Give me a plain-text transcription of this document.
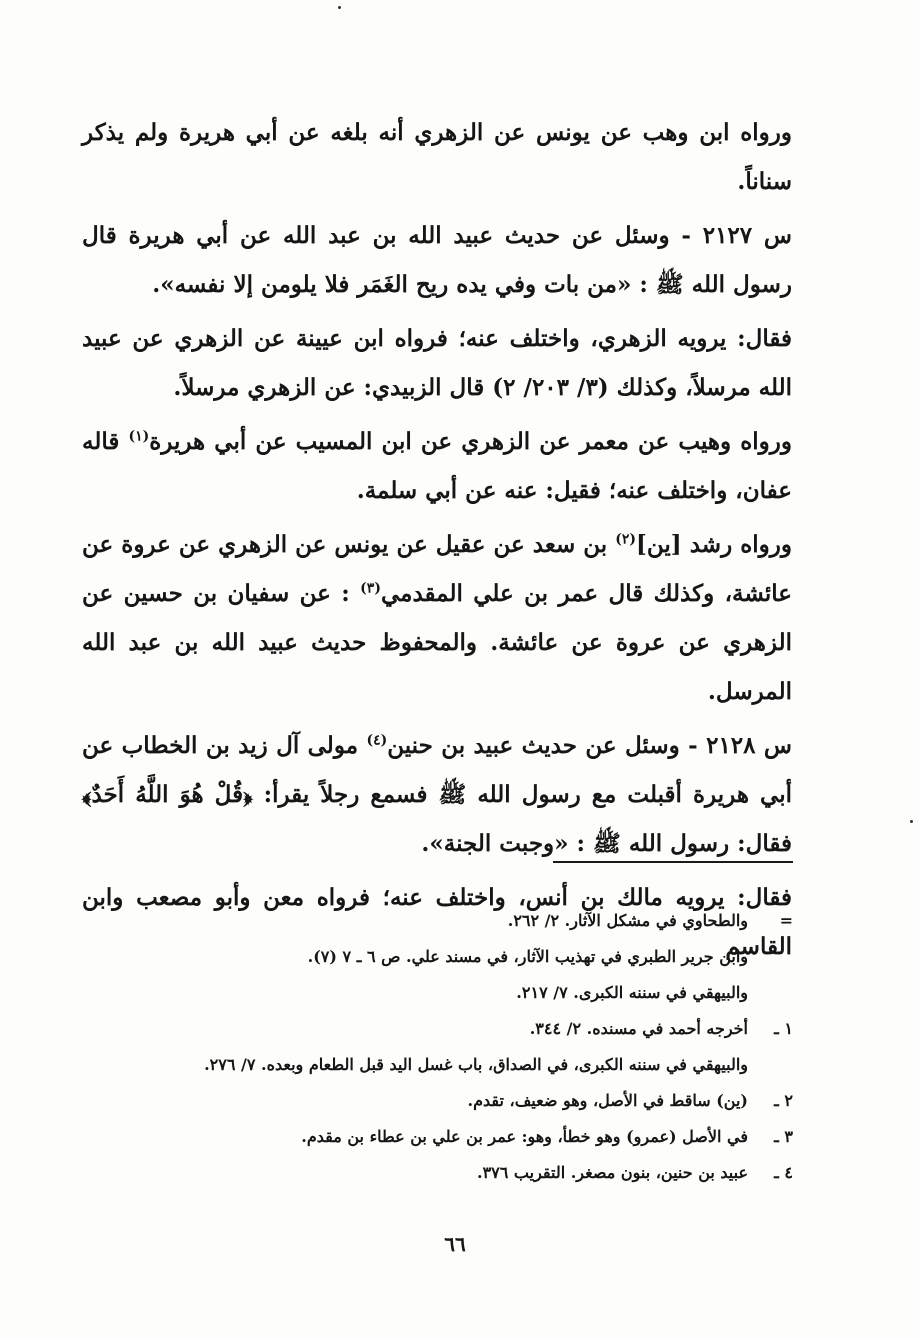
ورواه ابن وهب عن يونس عن الزهري أنه بلغه عن أبي هريرة ولم يذكر سناناً.

س ٢١٢٧ - وسئل عن حديث عبيد الله بن عبد الله عن أبي هريرة قال رسول الله ﷺ : «من بات وفي يده ريح الغَمَر فلا يلومن إلا نفسه».

فقال: يرويه الزهري، واختلف عنه؛ فرواه ابن عيينة عن الزهري عن عبيد الله مرسلاً، وكذلك (٣/ ٢٠٣/ ٢) قال الزبيدي: عن الزهري مرسلاً.

ورواه وهيب عن معمر عن الزهري عن ابن المسيب عن أبي هريرة$^{(١)}$ قاله عفان، واختلف عنه؛ فقيل: عنه عن أبي سلمة.

ورواه رشد [ين]$^{(٢)}$ بن سعد عن عقيل عن يونس عن الزهري عن عروة عن عائشة، وكذلك قال عمر بن علي المقدمي$^{(٣)}$ : عن سفيان بن حسين عن الزهري عن عروة عن عائشة. والمحفوظ حديث عبيد الله بن عبد الله المرسل.

س ٢١٢٨ - وسئل عن حديث عبيد بن حنين$^{(٤)}$ مولى آل زيد بن الخطاب عن أبي هريرة أقبلت مع رسول الله ﷺ فسمع رجلاً يقرأ: ﴿قُلْ هُوَ اللَّهُ أَحَدٌ﴾ فقال: رسول الله ﷺ : «وجبت الجنة».

فقال: يرويه مالك بن أنس، واختلف عنه؛ فرواه معن وأبو مصعب وابن القاسم

=
والطحاوي في مشكل الآثار. ٢/ ٢٦٢.
وابن جرير الطبري في تهذيب الآثار، في مسند علي. ص ٦ ـ ٧ (٧).
والبيهقي في سننه الكبرى. ٧/ ٢١٧.
١ ـ
أخرجه أحمد في مسنده. ٢/ ٣٤٤.
والبيهقي في سننه الكبرى، في الصداق، باب غسل اليد قبل الطعام وبعده. ٧/ ٢٧٦.
٢ ـ
(ين) ساقط في الأصل، وهو ضعيف، تقدم.
٣ ـ
في الأصل (عمرو) وهو خطأ، وهو: عمر بن علي بن عطاء بن مقدم.
٤ ـ
عبيد بن حنين، بنون مصغر. التقريب ٣٧٦.
٦٦
